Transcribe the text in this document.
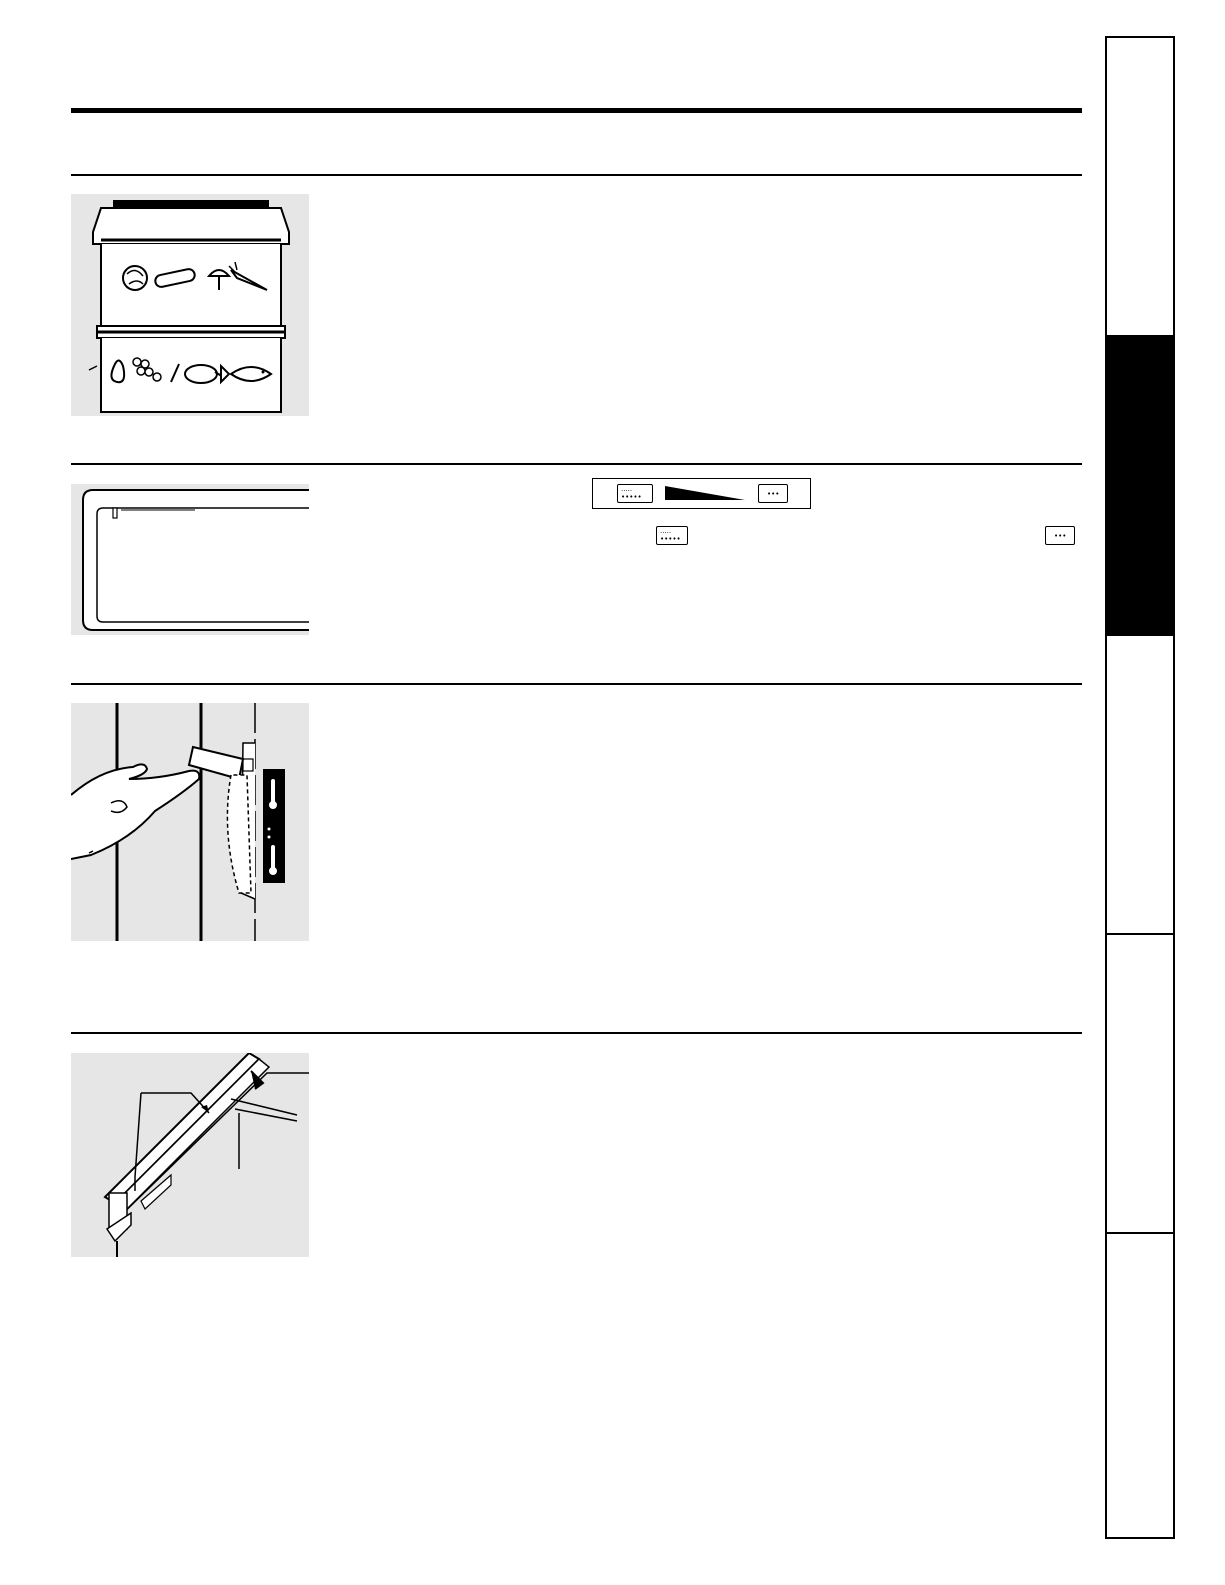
·····
•••••	•••
·····
•••••	•••
